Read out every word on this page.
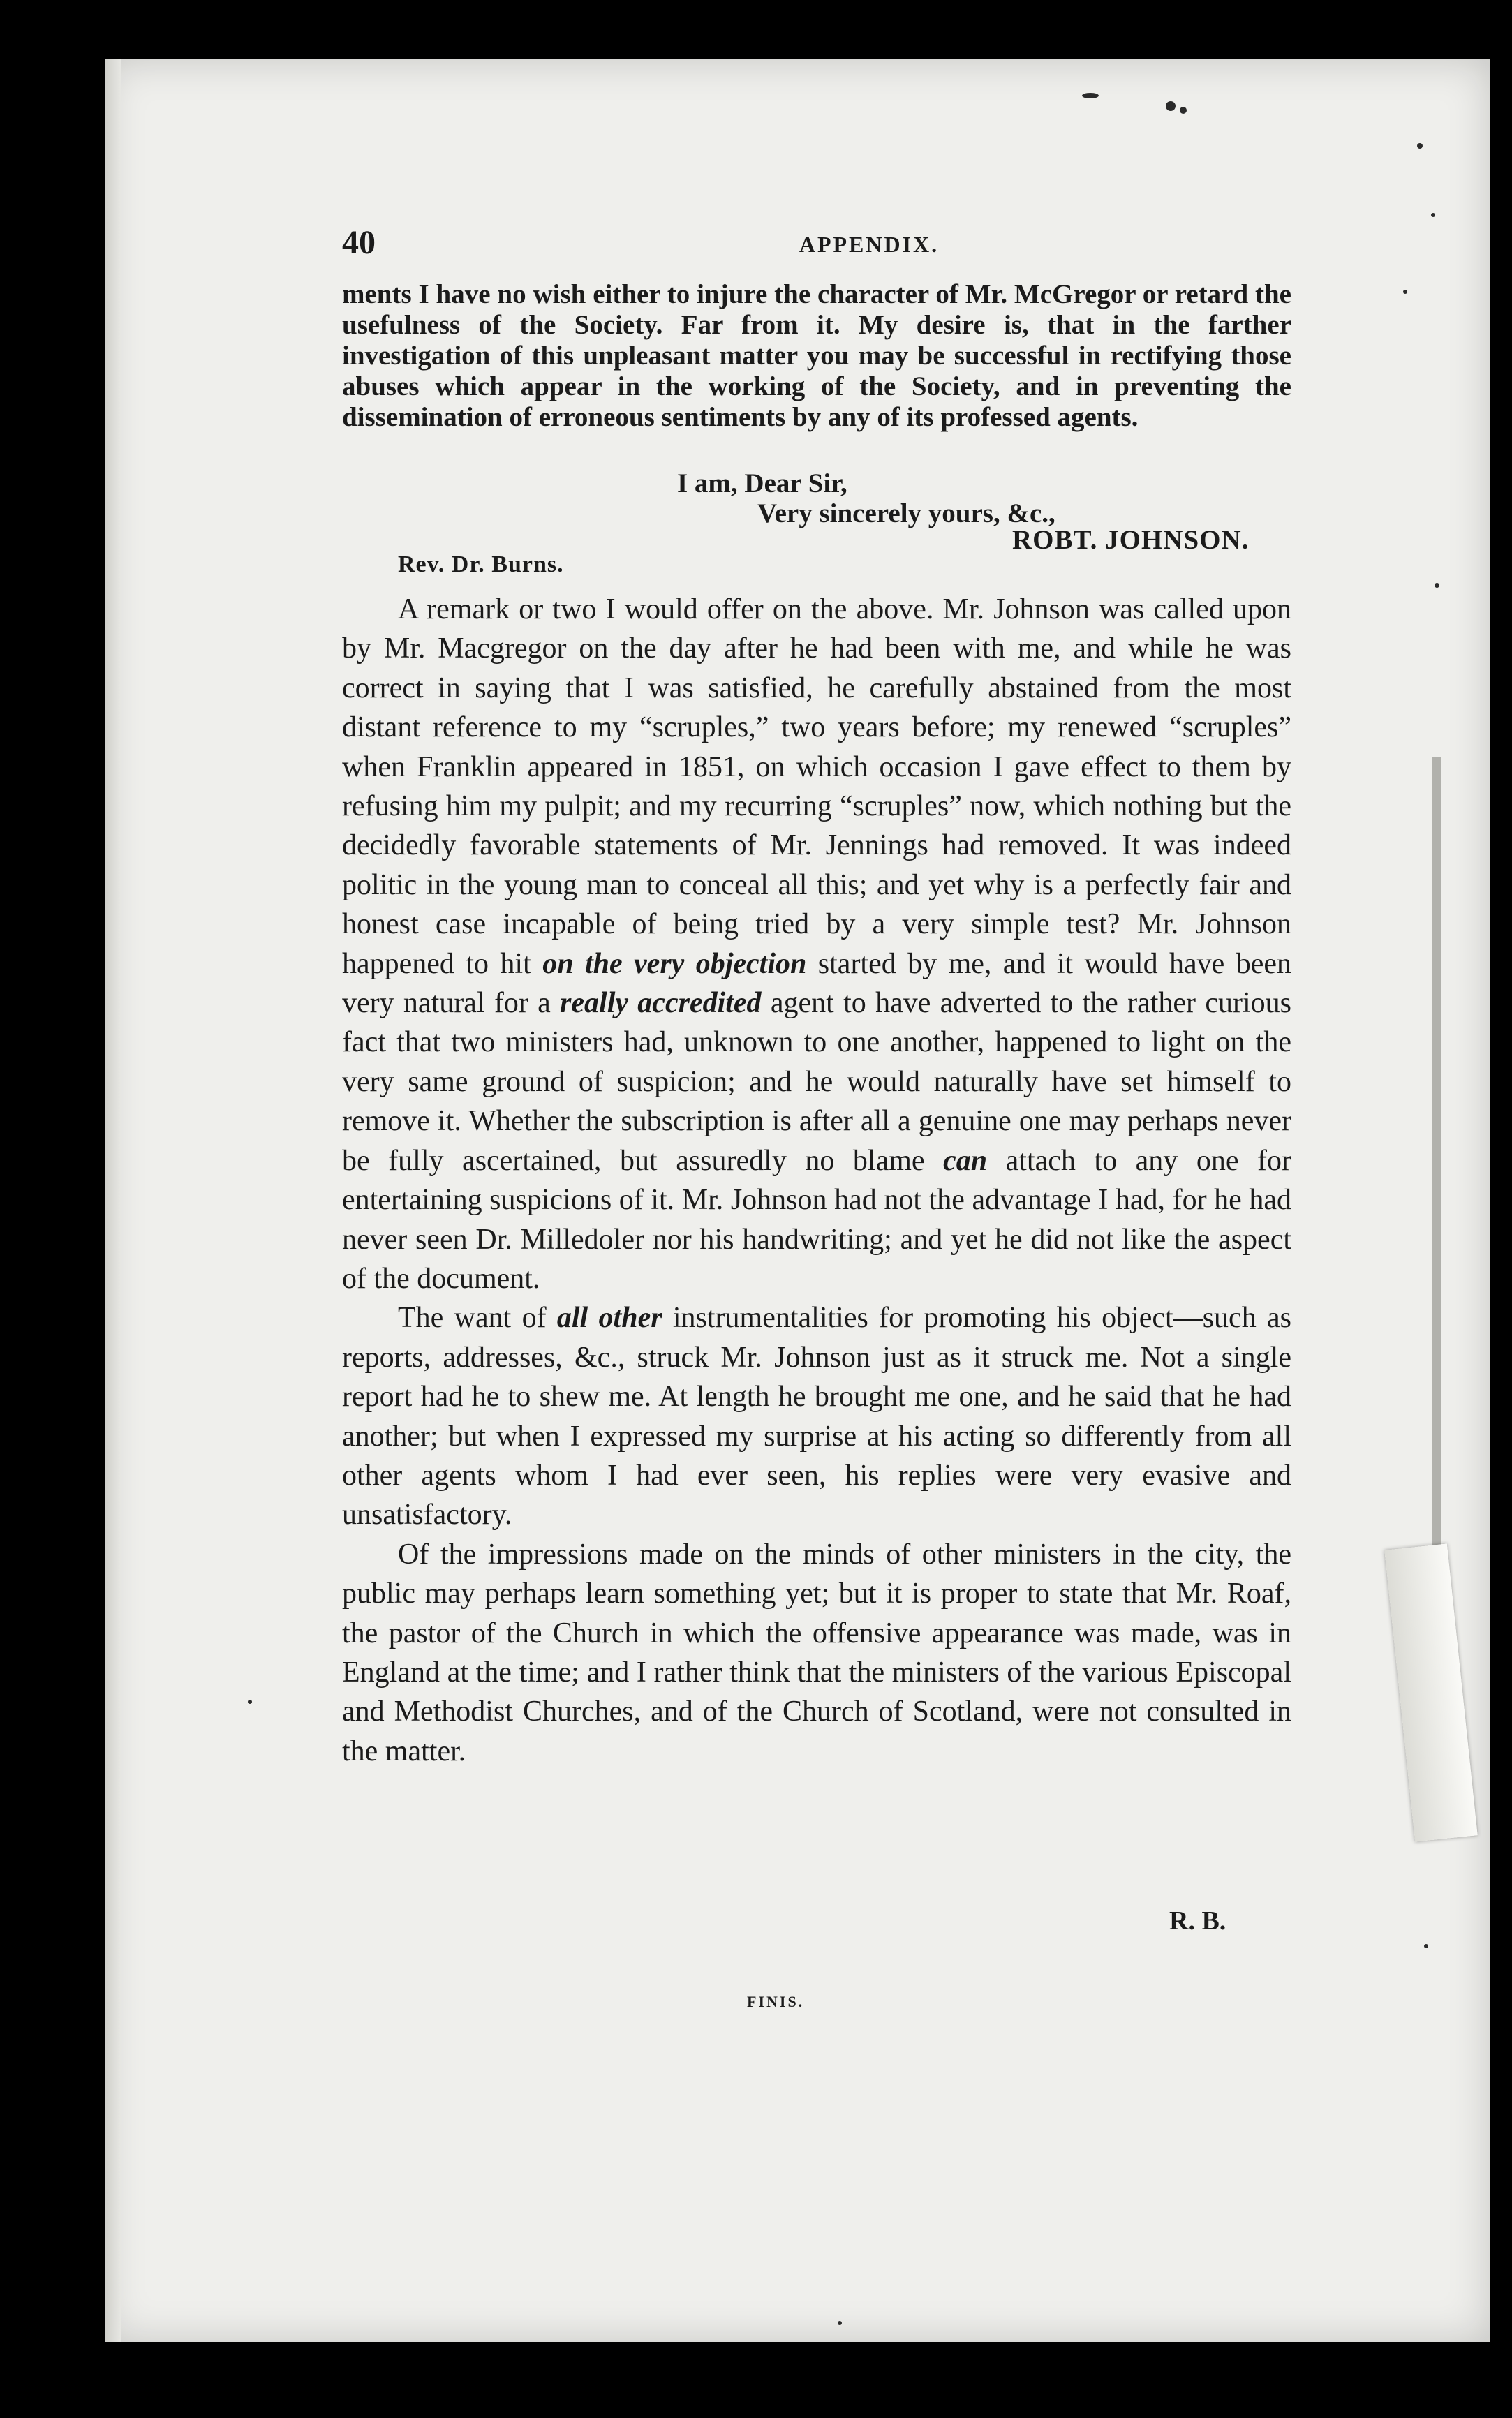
40	APPENDIX.
ments I have no wish either to injure the character of Mr. McGregor or retard the usefulness of the Society. Far from it. My desire is, that in the farther investigation of this unpleasant matter you may be successful in rectifying those abuses which appear in the working of the Society, and in preventing the dissemination of erroneous sentiments by any of its professed agents.
I am, Dear Sir,
Very sincerely yours, &c.,
ROBT. JOHNSON.
Rev. Dr. Burns.

A remark or two I would offer on the above. Mr. Johnson was called upon by Mr. Macgregor on the day after he had been with me, and while he was correct in saying that I was satisfied, he carefully abstained from the most distant reference to my “scruples,” two years before; my renewed “scruples” when Franklin appeared in 1851, on which occasion I gave effect to them by refusing him my pulpit; and my recurring “scruples” now, which nothing but the decidedly favorable statements of Mr. Jennings had removed. It was indeed politic in the young man to conceal all this; and yet why is a perfectly fair and honest case incapable of being tried by a very simple test? Mr. Johnson happened to hit on the very objection started by me, and it would have been very natural for a really accredited agent to have adverted to the rather curious fact that two ministers had, unknown to one another, happened to light on the very same ground of suspicion; and he would naturally have set himself to remove it. Whether the subscription is after all a genuine one may perhaps never be fully ascertained, but assuredly no blame can attach to any one for entertaining suspicions of it. Mr. Johnson had not the advantage I had, for he had never seen Dr. Milledoler nor his handwriting; and yet he did not like the aspect of the document.

The want of all other instrumentalities for promoting his object—such as reports, addresses, &c., struck Mr. Johnson just as it struck me. Not a single report had he to shew me. At length he brought me one, and he said that he had another; but when I expressed my surprise at his acting so differently from all other agents whom I had ever seen, his replies were very evasive and unsatisfactory.

Of the impressions made on the minds of other ministers in the city, the public may perhaps learn something yet; but it is proper to state that Mr. Roaf, the pastor of the Church in which the offensive appearance was made, was in England at the time; and I rather think that the ministers of the various Episcopal and Methodist Churches, and of the Church of Scotland, were not consulted in the matter.

R. B.
FINIS.
